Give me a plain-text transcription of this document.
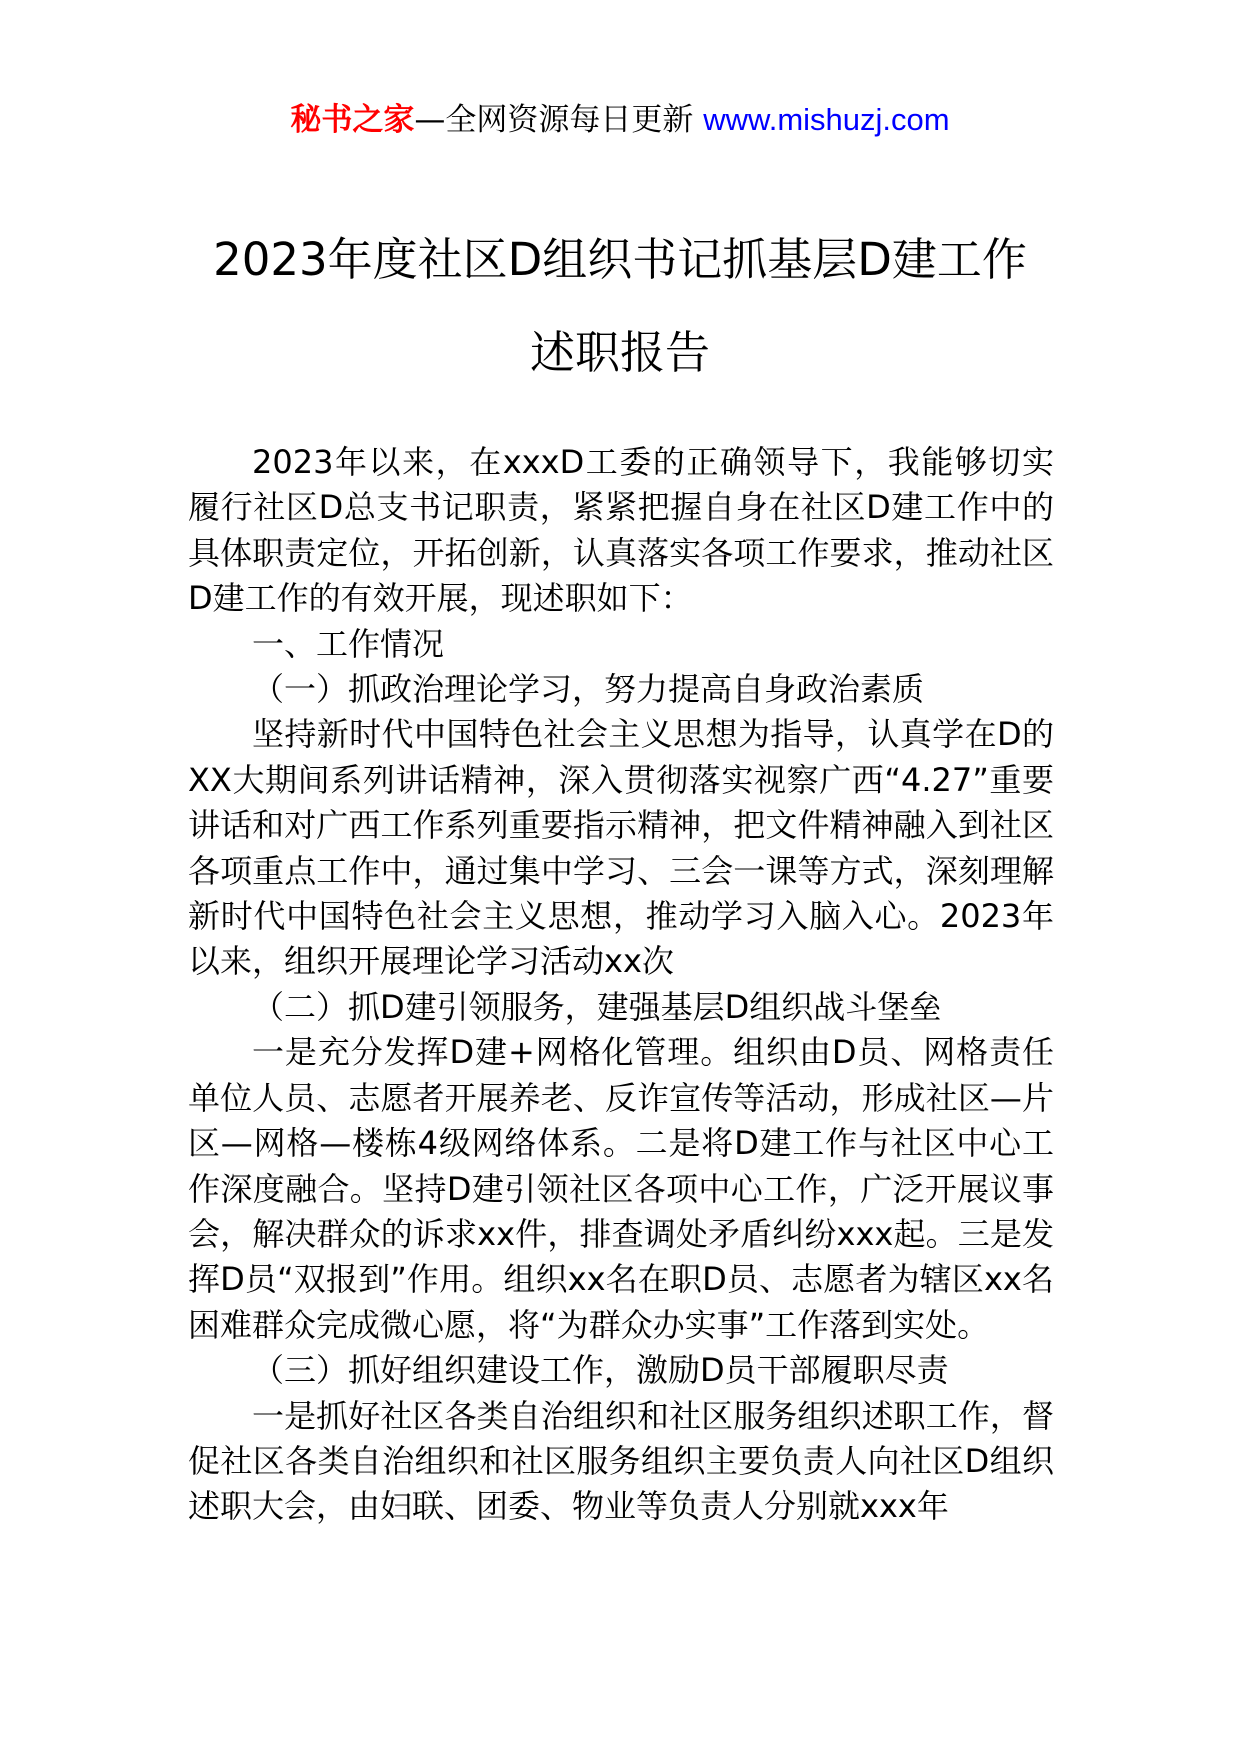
秘书之家—全网资源每日更新 www.mishuzj.com
2023年度社区D组织书记抓基层D建工作
述职报告

2023年以来，在xxxD工委的正确领导下，我能够切实履行社区D总支书记职责，紧紧把握自身在社区D建工作中的具体职责定位，开拓创新，认真落实各项工作要求，推动社区D建工作的有效开展，现述职如下：

一、工作情况

（一）抓政治理论学习，努力提高自身政治素质

坚持新时代中国特色社会主义思想为指导，认真学在D的XX大期间系列讲话精神，深入贯彻落实视察广西“4.27”重要讲话和对广西工作系列重要指示精神，把文件精神融入到社区各项重点工作中，通过集中学习、三会一课等方式，深刻理解新时代中国特色社会主义思想，推动学习入脑入心。2023年以来，组织开展理论学习活动xx次

（二）抓D建引领服务，建强基层D组织战斗堡垒

一是充分发挥D建+网格化管理。组织由D员、网格责任单位人员、志愿者开展养老、反诈宣传等活动，形成社区—片区—网格—楼栋4级网络体系。二是将D建工作与社区中心工作深度融合。坚持D建引领社区各项中心工作，广泛开展议事会，解决群众的诉求xx件，排查调处矛盾纠纷xxx起。三是发挥D员“双报到”作用。组织xx名在职D员、志愿者为辖区xx名困难群众完成微心愿，将“为群众办实事”工作落到实处。

（三）抓好组织建设工作，激励D员干部履职尽责

一是抓好社区各类自治组织和社区服务组织述职工作，督促社区各类自治组织和社区服务组织主要负责人向社区D组织述职大会，由妇联、团委、物业等负责人分别就xxx年
